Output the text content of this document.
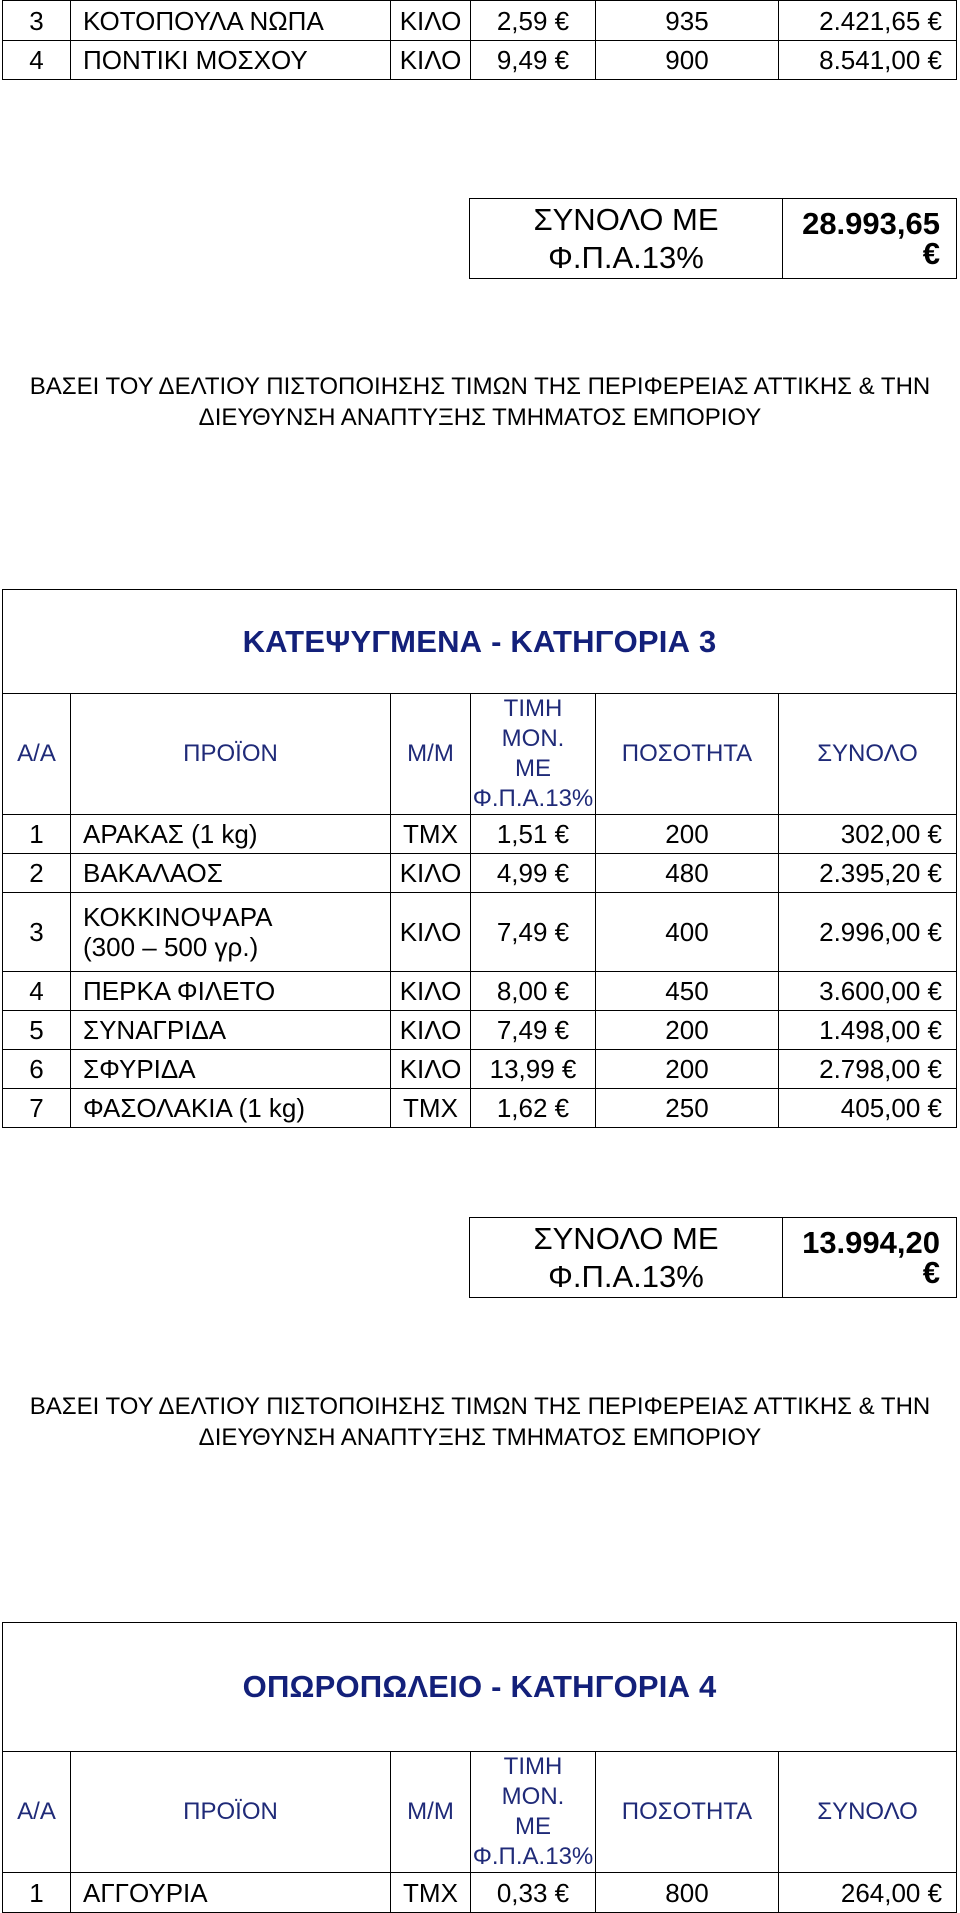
3	ΚΟΤΟΠΟΥΛΑ ΝΩΠΑ	ΚΙΛΟ	2,59 €	935	2.421,65 €
4	ΠΟΝΤΙΚΙ ΜΟΣΧΟΥ	ΚΙΛΟ	9,49 €	900	8.541,00 €
ΣΥΝΟΛΟ ΜΕ
Φ.Π.Α.13%
	28.993,65 €
ΒΑΣΕΙ ΤΟΥ ΔΕΛΤΙΟΥ ΠΙΣΤΟΠΟΙΗΣΗΣ ΤΙΜΩΝ ΤΗΣ ΠΕΡΙΦΕΡΕΙΑΣ ΑΤΤΙΚΗΣ & ΤΗΝ
ΔΙΕΥΘΥΝΣΗ ΑΝΑΠΤΥΞΗΣ ΤΜΗΜΑΤΟΣ ΕΜΠΟΡΙΟΥ
ΚΑΤΕΨΥΓΜΕΝΑ - ΚΑΤΗΓΟΡΙΑ 3					
Α/Α	ΠΡΟΪΟΝ	Μ/Μ	ΤΙΜΗ ΜΟΝ.
ΜΕ
Φ.Π.Α.13%	ΠΟΣΟΤΗΤΑ	ΣΥΝΟΛΟ
1	ΑΡΑΚΑΣ (1 kg)	ΤΜΧ	1,51 €	200	302,00 €
2	ΒΑΚΑΛΑΟΣ	ΚΙΛΟ	4,99 €	480	2.395,20 €
3	ΚΟΚΚΙΝΟΨΑΡΑ
(300 – 500 γρ.)	ΚΙΛΟ	7,49 €	400	2.996,00 €
4	ΠΕΡΚΑ ΦΙΛΕΤΟ	ΚΙΛΟ	8,00 €	450	3.600,00 €
5	ΣΥΝΑΓΡΙΔΑ	ΚΙΛΟ	7,49 €	200	1.498,00 €
6	ΣΦΥΡΙΔΑ	ΚΙΛΟ	13,99 €	200	2.798,00 €
7	ΦΑΣΟΛΑΚΙΑ (1 kg)	ΤΜΧ	1,62 €	250	405,00 €
ΣΥΝΟΛΟ ΜΕ
Φ.Π.Α.13%
	13.994,20 €
ΒΑΣΕΙ ΤΟΥ ΔΕΛΤΙΟΥ ΠΙΣΤΟΠΟΙΗΣΗΣ ΤΙΜΩΝ ΤΗΣ ΠΕΡΙΦΕΡΕΙΑΣ ΑΤΤΙΚΗΣ & ΤΗΝ
ΔΙΕΥΘΥΝΣΗ ΑΝΑΠΤΥΞΗΣ ΤΜΗΜΑΤΟΣ ΕΜΠΟΡΙΟΥ
ΟΠΩΡΟΠΩΛΕΙΟ - ΚΑΤΗΓΟΡΙΑ 4					
Α/Α	ΠΡΟΪΟΝ	Μ/Μ	ΤΙΜΗ ΜΟΝ.
ΜΕ
Φ.Π.Α.13%	ΠΟΣΟΤΗΤΑ	ΣΥΝΟΛΟ
1	ΑΓΓΟΥΡΙΑ	ΤΜΧ	0,33 €	800	264,00 €
